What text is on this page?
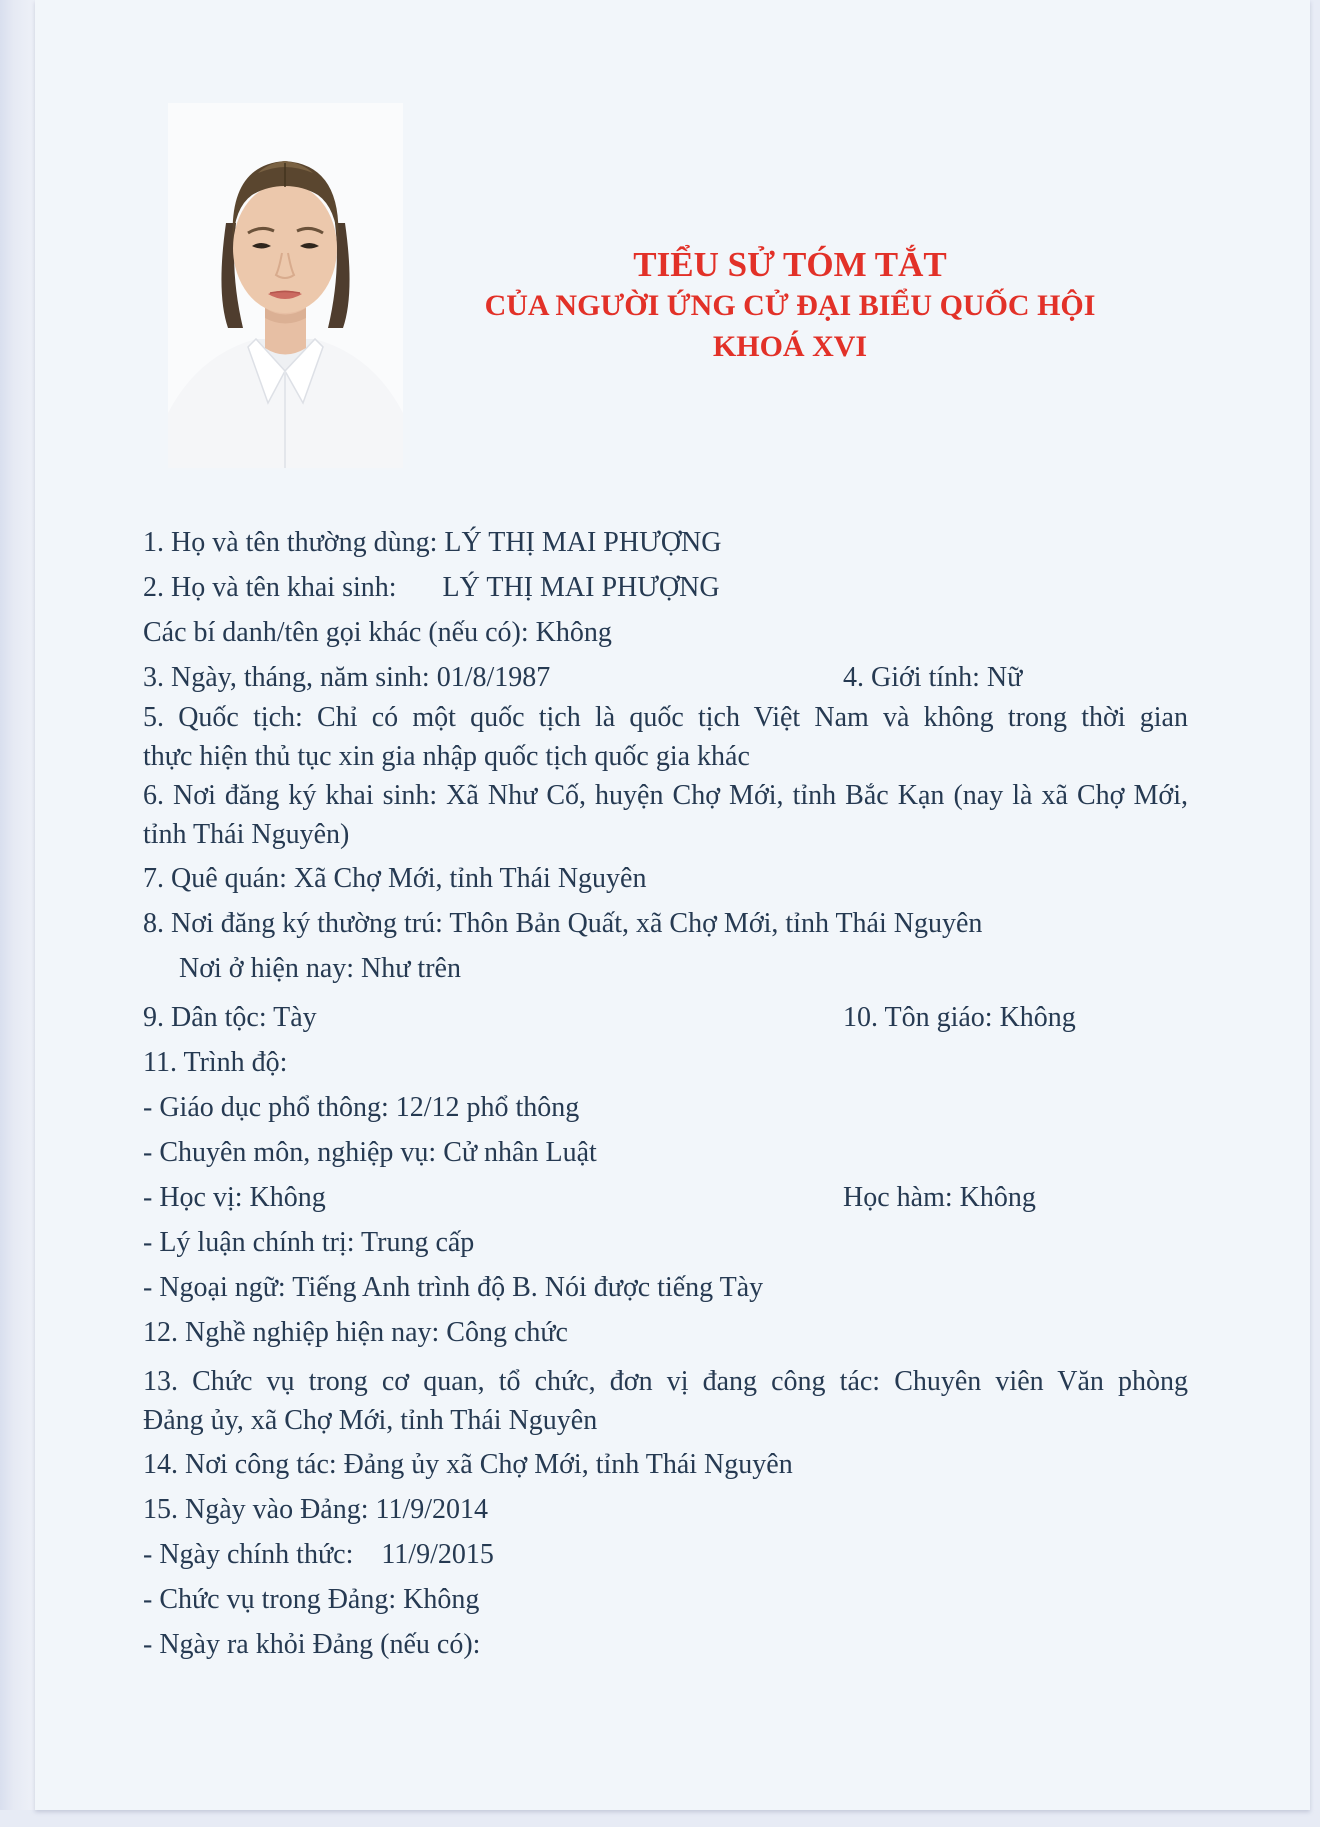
TIỂU SỬ TÓM TẮT
CỦA NGƯỜI ỨNG CỬ ĐẠI BIỂU QUỐC HỘI
KHOÁ XVI
1. Họ và tên thường dùng: LÝ THỊ MAI PHƯỢNG
2. Họ và tên khai sinh: LÝ THỊ MAI PHƯỢNG
Các bí danh/tên gọi khác (nếu có): Không
3. Ngày, tháng, năm sinh: 01/8/1987	4. Giới tính: Nữ
5. Quốc tịch: Chỉ có một quốc tịch là quốc tịch Việt Nam và không trong thời gian
thực hiện thủ tục xin gia nhập quốc tịch quốc gia khác
6. Nơi đăng ký khai sinh: Xã Như Cố, huyện Chợ Mới, tỉnh Bắc Kạn (nay là xã Chợ Mới,
tỉnh Thái Nguyên)
7. Quê quán: Xã Chợ Mới, tỉnh Thái Nguyên
8. Nơi đăng ký thường trú: Thôn Bản Quất, xã Chợ Mới, tỉnh Thái Nguyên
Nơi ở hiện nay: Như trên
9. Dân tộc: Tày	10. Tôn giáo: Không
11. Trình độ:
- Giáo dục phổ thông: 12/12 phổ thông
- Chuyên môn, nghiệp vụ: Cử nhân Luật
- Học vị: Không	Học hàm: Không
- Lý luận chính trị: Trung cấp
- Ngoại ngữ: Tiếng Anh trình độ B. Nói được tiếng Tày
12. Nghề nghiệp hiện nay: Công chức
13. Chức vụ trong cơ quan, tổ chức, đơn vị đang công tác: Chuyên viên Văn phòng
Đảng ủy, xã Chợ Mới, tỉnh Thái Nguyên
14. Nơi công tác: Đảng ủy xã Chợ Mới, tỉnh Thái Nguyên
15. Ngày vào Đảng: 11/9/2014
- Ngày chính thức: 11/9/2015
- Chức vụ trong Đảng: Không
- Ngày ra khỏi Đảng (nếu có):
